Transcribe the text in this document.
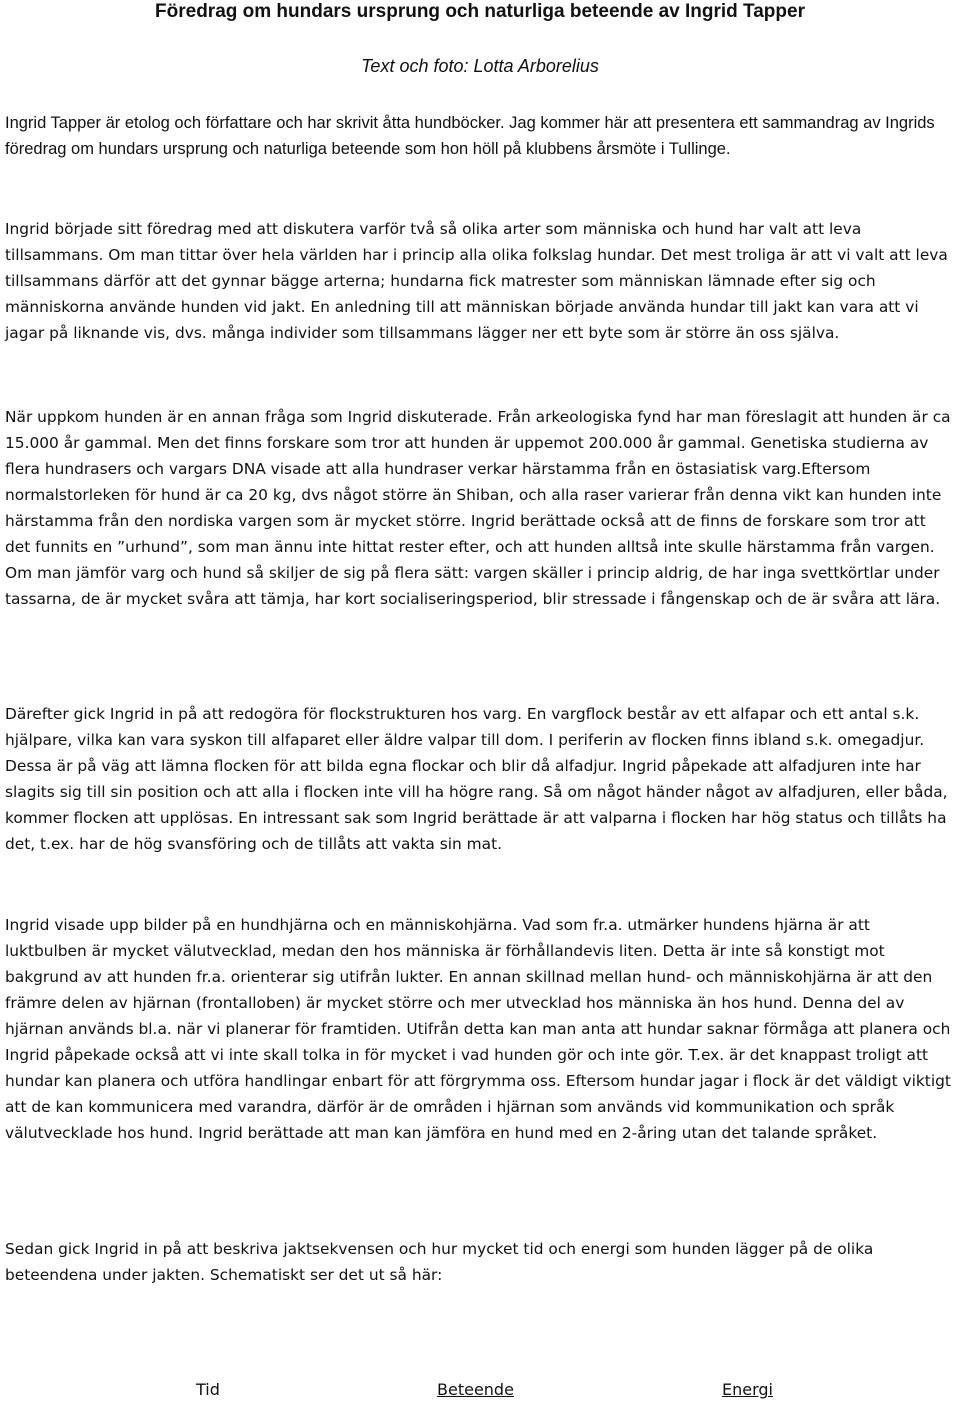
Föredrag om hundars ursprung och naturliga beteende av Ingrid Tapper
Text och foto: Lotta Arborelius

Ingrid Tapper är etolog och författare och har skrivit åtta hundböcker. Jag kommer här att presentera ett sammandrag av Ingrids föredrag om hundars ursprung och naturliga beteende som hon höll på klubbens årsmöte i Tullinge.

Ingrid började sitt föredrag med att diskutera varför två så olika arter som människa och hund har valt att leva tillsammans. Om man tittar över hela världen har i princip alla olika folkslag hundar. Det mest troliga är att vi valt att leva tillsammans därför att det gynnar bägge arterna; hundarna fick matrester som människan lämnade efter sig och människorna använde hunden vid jakt. En anledning till att människan började använda hundar till jakt kan vara att vi jagar på liknande vis, dvs. många individer som tillsammans lägger ner ett byte som är större än oss själva.

När uppkom hunden är en annan fråga som Ingrid diskuterade. Från arkeologiska fynd har man föreslagit att hunden är ca 15.000 år gammal. Men det finns forskare som tror att hunden är uppemot 200.000 år gammal. Genetiska studierna av flera hundrasers och vargars DNA visade att alla hundraser verkar härstamma från en östasiatisk varg.Eftersom normalstorleken för hund är ca 20 kg, dvs något större än Shiban, och alla raser varierar från denna vikt kan hunden inte härstamma från den nordiska vargen som är mycket större. Ingrid berättade också att de finns de forskare som tror att det funnits en ”urhund”, som man ännu inte hittat rester efter, och att hunden alltså inte skulle härstamma från vargen. Om man jämför varg och hund så skiljer de sig på flera sätt: vargen skäller i princip aldrig, de har inga svettkörtlar under tassarna, de är mycket svåra att tämja, har kort socialiseringsperiod, blir stressade i fångenskap och de är svåra att lära.

Därefter gick Ingrid in på att redogöra för flockstrukturen hos varg. En vargflock består av ett alfapar och ett antal s.k. hjälpare, vilka kan vara syskon till alfaparet eller äldre valpar till dom. I periferin av flocken finns ibland s.k. omegadjur. Dessa är på väg att lämna flocken för att bilda egna flockar och blir då alfadjur. Ingrid påpekade att alfadjuren inte har slagits sig till sin position och att alla i flocken inte vill ha högre rang. Så om något händer något av alfadjuren, eller båda, kommer flocken att upplösas. En intressant sak som Ingrid berättade är att valparna i flocken har hög status och tillåts ha det, t.ex. har de hög svansföring och de tillåts att vakta sin mat.

Ingrid visade upp bilder på en hundhjärna och en människohjärna. Vad som fr.a. utmärker hundens hjärna är att luktbulben är mycket välutvecklad, medan den hos människa är förhållandevis liten. Detta är inte så konstigt mot bakgrund av att hunden fr.a. orienterar sig utifrån lukter. En annan skillnad mellan hund- och människohjärna är att den främre delen av hjärnan (frontalloben) är mycket större och mer utvecklad hos människa än hos hund. Denna del av hjärnan används bl.a. när vi planerar för framtiden. Utifrån detta kan man anta att hundar saknar förmåga att planera och Ingrid påpekade också att vi inte skall tolka in för mycket i vad hunden gör och inte gör. T.ex. är det knappast troligt att hundar kan planera och utföra handlingar enbart för att förgrymma oss. Eftersom hundar jagar i flock är det väldigt viktigt att de kan kommunicera med varandra, därför är de områden i hjärnan som används vid kommunikation och språk välutvecklade hos hund. Ingrid berättade att man kan jämföra en hund med en 2-åring utan det talande språket.

Sedan gick Ingrid in på att beskriva jaktsekvensen och hur mycket tid och energi som hunden lägger på de olika beteendena under jakten. Schematiskt ser det ut så här:

Tid	Beteende	Energi
